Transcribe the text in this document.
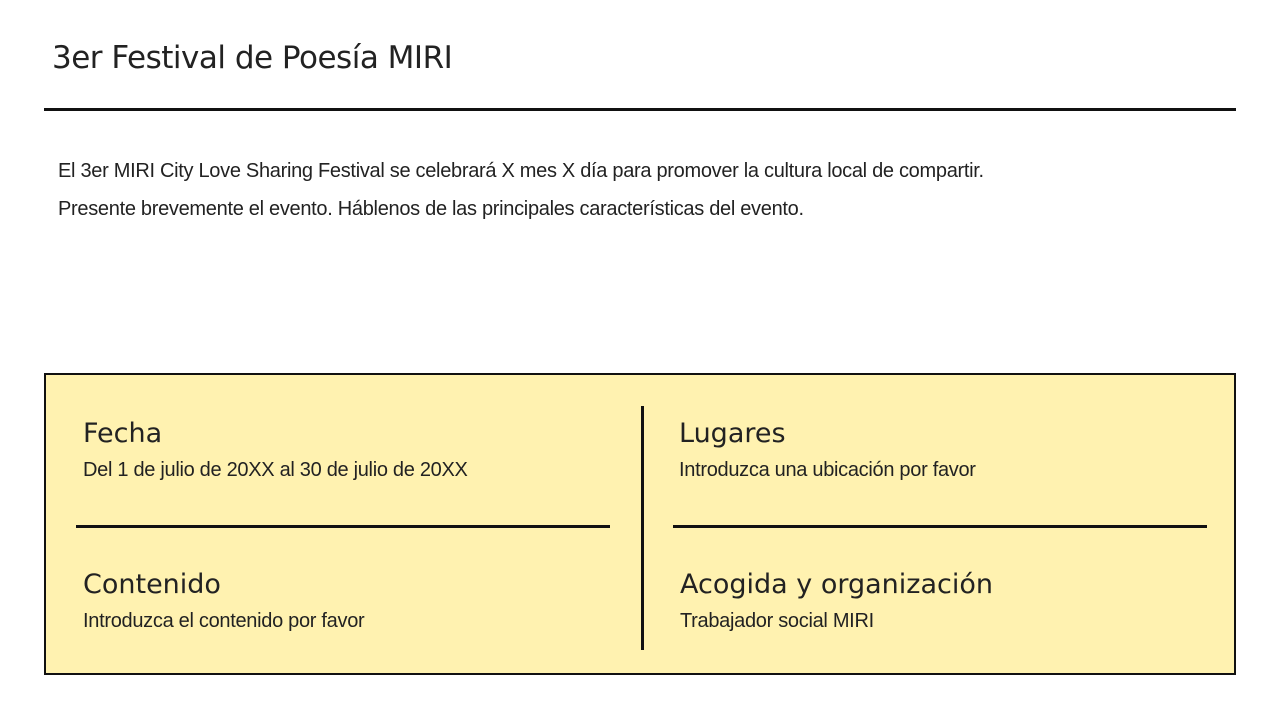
3er Festival de Poesía MIRI
El 3er MIRI City Love Sharing Festival se celebrará X mes X día para promover la cultura local de compartir.
Presente brevemente el evento. Háblenos de las principales características del evento.
Fecha
Del 1 de julio de 20XX al 30 de julio de 20XX
Lugares
Introduzca una ubicación por favor
Contenido
Introduzca el contenido por favor
Acogida y organización
Trabajador social MIRI
